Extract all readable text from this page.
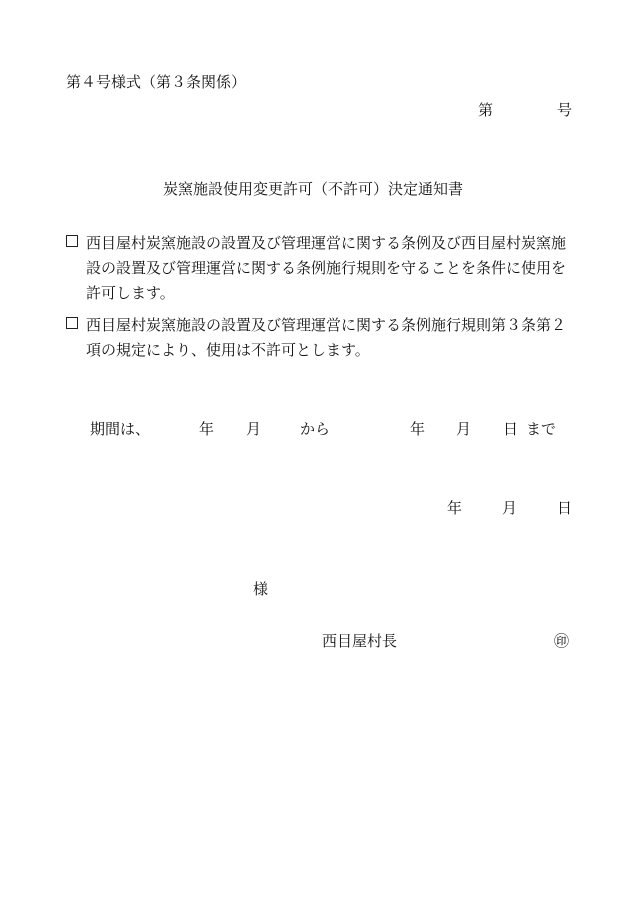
第４号様式（第３条関係）
第	号
炭窯施設使用変更許可（不許可）決定通知書
西目屋村炭窯施設の設置及び管理運営に関する条例及び西目屋村炭窯施設の設置及び管理運営に関する条例施行規則を守ることを条件に使用を許可します。
西目屋村炭窯施設の設置及び管理運営に関する条例施行規則第３条第２項の規定により、使用は不許可とします。
期間は、	年 月	から	年 月 日 まで
年	月	日
様
西目屋村長	㊞
